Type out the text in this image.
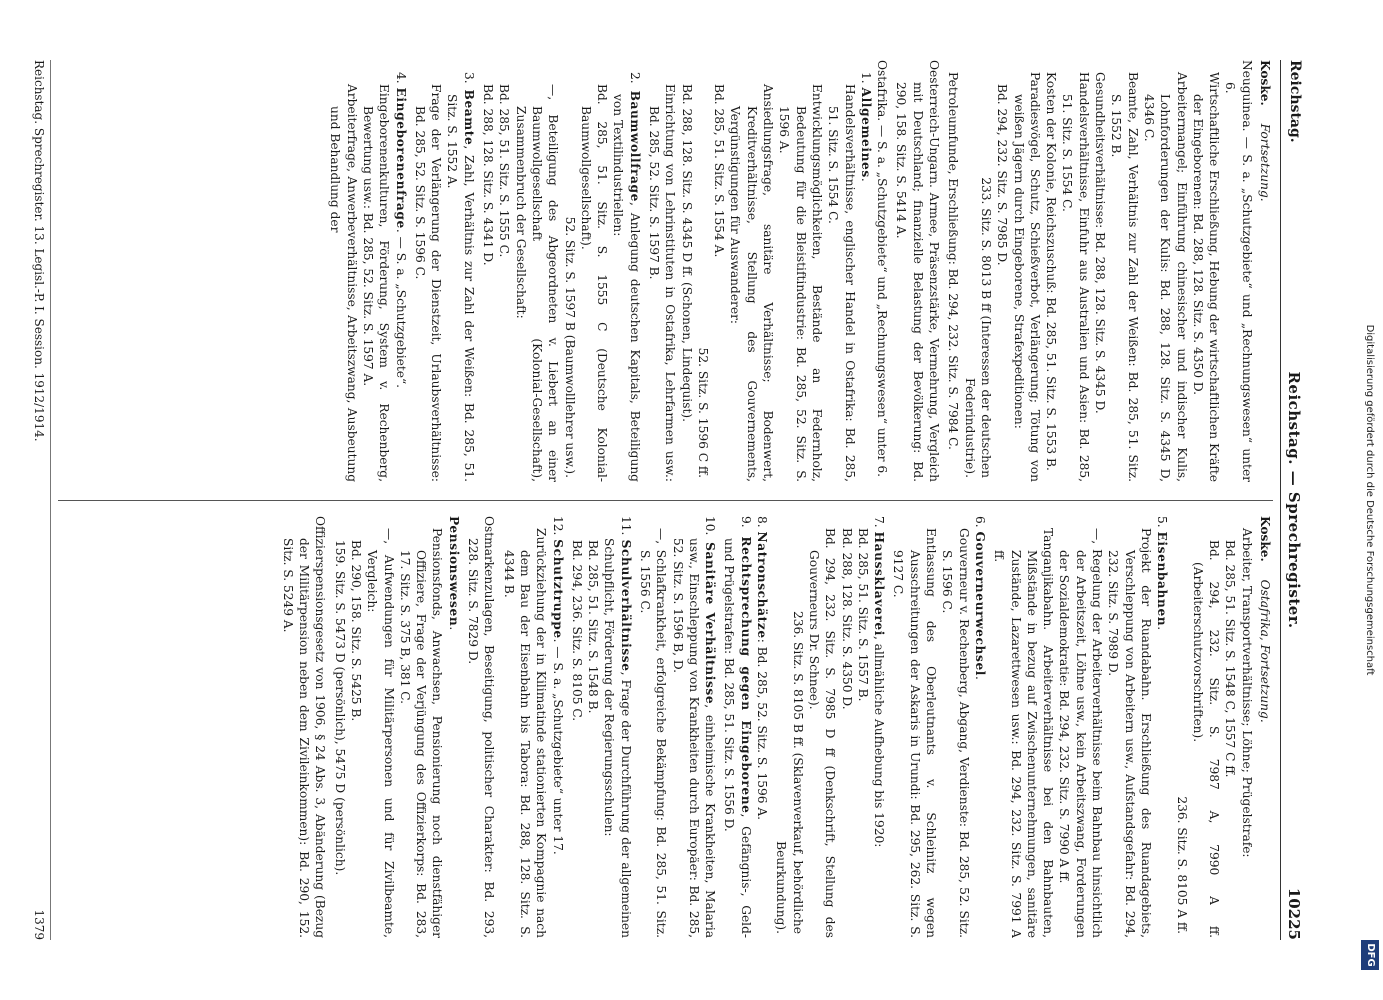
Digitalisierung gefördert durch die Deutsche Forschungsgemeinschaft
DFG
Reichstag.
Reichstag. — Sprechregister.
10225
Koske. Fortsetzung.

Neuguinea. — S. a. „Schutzgebiete“ und „Rechnungswesen“ unter 6.

Wirtschaftliche Erschließung, Hebung der wirtschaftlichen Kräfte der Eingeborenen: Bd. 288, 128. Sitz. S. 4350 D.

Arbeitermangel; Einführung chinesischer und indischer Kulis, Lohnforderungen der Kulis: Bd. 288, 128. Sitz. S. 4345 D, 4346 C.

Beamte, Zahl, Verhältnis zur Zahl der Weißen: Bd. 285, 51. Sitz. S. 1552 B.

Gesundheitsverhältnisse: Bd. 288, 128. Sitz. S. 4345 D.

Handelsverhältnisse, Einfuhr aus Australien und Asien: Bd. 285, 51. Sitz. S. 1554 C.

Kosten der Kolonie, Reichszuschuß: Bd. 285, 51. Sitz. S. 1553 B.

Paradiesvögel, Schutz, Schießverbot, Verlängerung; Tötung von weißen Jägern durch Eingeborene, Strafexpeditionen:

Bd. 294, 232. Sitz. S. 7985 D.

233. Sitz. S. 8013 B ff (Interessen der deutschen Federindustrie).

Petroleumfunde, Erschließung: Bd. 294, 232. Sitz. S. 7984 C.

Oesterreich-Ungarn. Armee, Präsenzstärke, Vermehrung, Vergleich mit Deutschland; finanzielle Belastung der Bevölkerung: Bd. 290, 158. Sitz. S. 5414 A.

Ostafrika. — S. a. „Schutzgebiete“ und „Rechnungswesen“ unter 6.

1. Allgemeines.

Handelsverhältnisse, englischer Handel in Ostafrika: Bd. 285, 51. Sitz. S. 1554 C.

Entwicklungsmöglichkeiten, Bestände an Federnholz, Bedeutung für die Bleistiftindustrie: Bd. 285, 52. Sitz. S. 1596 A.

Ansiedlungsfrage, sanitäre Verhältnisse; Bodenwert, Kreditverhältnisse, Stellung des Gouvernements, Vergünstigungen für Auswanderer:

Bd. 285, 51. Sitz. S. 1554 A.

52. Sitz. S. 1596 C ff.

Bd. 288, 128. Sitz. S. 4345 D ff. (Schonen, Lindequist).

Einrichtung von Lehrinstituten in Ostafrika, Lehrfarmen usw.: Bd. 285, 52. Sitz. S. 1597 B.

2. Baumwollfrage, Anlegung deutschen Kapitals, Beteiligung von Textilindustriellen:

Bd. 285, 51. Sitz. S. 1555 C (Deutsche Kolonial-Baumwollgesellschaft).

52. Sitz. S. 1597 B (Baumwolllehrer usw.).

—, Beteiligung des Abgeordneten v. Liebert an einer Baumwollgesellschaft (Kolonial-Gesellschaft), Zusammenbruch der Gesellschaft:

Bd. 285, 51. Sitz. S. 1555 C.

Bd. 288, 128. Sitz. S. 4341 D.

3. Beamte, Zahl, Verhältnis zur Zahl der Weißen: Bd. 285, 51. Sitz. S. 1552 A.

Frage der Verlängerung der Dienstzeit, Urlaubsverhältnisse: Bd. 285, 52. Sitz. S. 1596 C.

4. Eingeborenenfrage. — S. a. „Schutzgebiete“.

Eingeborenenkulturen, Förderung, System v. Rechenberg, Bewertung usw.: Bd. 285, 52. Sitz. S. 1597 A.

Arbeiterfrage, Anwerbeverhältnisse, Arbeitszwang, Ausbeutung und Behandlung der

Koske. Ostafrika, Fortsetzung.

Arbeiter, Transportverhältnisse; Löhne; Prügelstrafe:

Bd. 285, 51. Sitz. S. 1548 C, 1557 C ff.

Bd. 294, 232. Sitz. S. 7987 A, 7990 A ff. (Arbeiterschutzvorschriften).

236. Sitz. S. 8105 A ff.

5. Eisenbahnen.

Projekt der Ruandabahn. Erschließung des Ruandagebiets, Verschleppung von Arbeitern usw., Aufstandsgefahr: Bd. 294, 232. Sitz. S. 7989 D.

—, Regelung der Arbeiterverhältnisse beim Bahnbau hinsichtlich der Arbeitszeit, Löhne usw., kein Arbeitszwang, Forderungen der Sozialdemokratie: Bd. 294, 232. Sitz. S. 7990 A ff.

Tanganjikabahn. Arbeiterverhältnisse bei den Bahnbauten, Mißstände in bezug auf Zwischenunternehmungen, sanitäre Zustände, Lazarettwesen usw.: Bd. 294, 232. Sitz. S. 7991 A ff.

6. Gouverneurwechsel.

Gouverneur v. Rechenberg, Abgang, Verdienste: Bd. 285, 52. Sitz. S. 1596 C.

Entlassung des Oberleutnants v. Schleinitz wegen Ausschreitungen der Askaris in Urundi: Bd. 295, 262. Sitz. S. 9127 C.

7. Haussklaverei, allmähliche Aufhebung bis 1920:

Bd. 285, 51. Sitz. S. 1557 B.

Bd. 288, 128. Sitz. S. 4350 D.

Bd. 294, 232. Sitz. S. 7985 D ff (Denkschrift, Stellung des Gouverneurs Dr. Schnee).

236. Sitz. S. 8105 B ff. (Sklavenverkauf, behördliche Beurkundung).

8. Natronschätze: Bd. 285, 52. Sitz. S. 1596 A.

9. Rechtsprechung gegen Eingeborene, Gefängnis-, Geld- und Prügelstrafen: Bd. 285, 51. Sitz. S. 1556 D.

10. Sanitäre Verhältnisse, einheimische Krankheiten, Malaria usw., Einschleppung von Krankheiten durch Europäer: Bd. 285, 52. Sitz. S. 1596 B, D.

—, Schlafkrankheit, erfolgreiche Bekämpfung: Bd. 285, 51. Sitz. S. 1556 C.

11. Schulverhältnisse, Frage der Durchführung der allgemeinen Schulpflicht, Förderung der Regierungsschulen:

Bd. 285, 51. Sitz. S. 1548 B.

Bd. 294, 236. Sitz. S. 8105 C.

12. Schutztruppe. — S. a. „Schutzgebiete“ unter 17.

Zurückziehung der in Kilimatinde stationierten Kompagnie nach dem Bau der Eisenbahn bis Tabora: Bd. 288, 128. Sitz. S. 4344 B.

Ostmarkenzulagen, Beseitigung, politischer Charakter: Bd. 293, 228. Sitz. S. 7829 D.

Pensionswesen.

Pensionsfonds, Anwachsen, Pensionierung noch dienstfähiger Offiziere, Frage der Verjüngung des Offizierkorps: Bd. 283, 17. Sitz. S. 375 B, 381 C.

—, Aufwendungen für Militärpersonen und für Zivilbeamte, Vergleich:

Bd. 290, 158. Sitz. S. 5425 B.

159. Sitz. S. 5473 D (persönlich), 5475 D (persönlich).

Offizierspensionsgesetz von 1906, § 24 Abs. 3, Abänderung (Bezug der Militärpension neben dem Zivileinkommen): Bd. 290, 152. Sitz. S. 5249 A.

Reichstag. Sprechregister. 13. Legisl.-P. I. Session. 1912/1914.
1379
